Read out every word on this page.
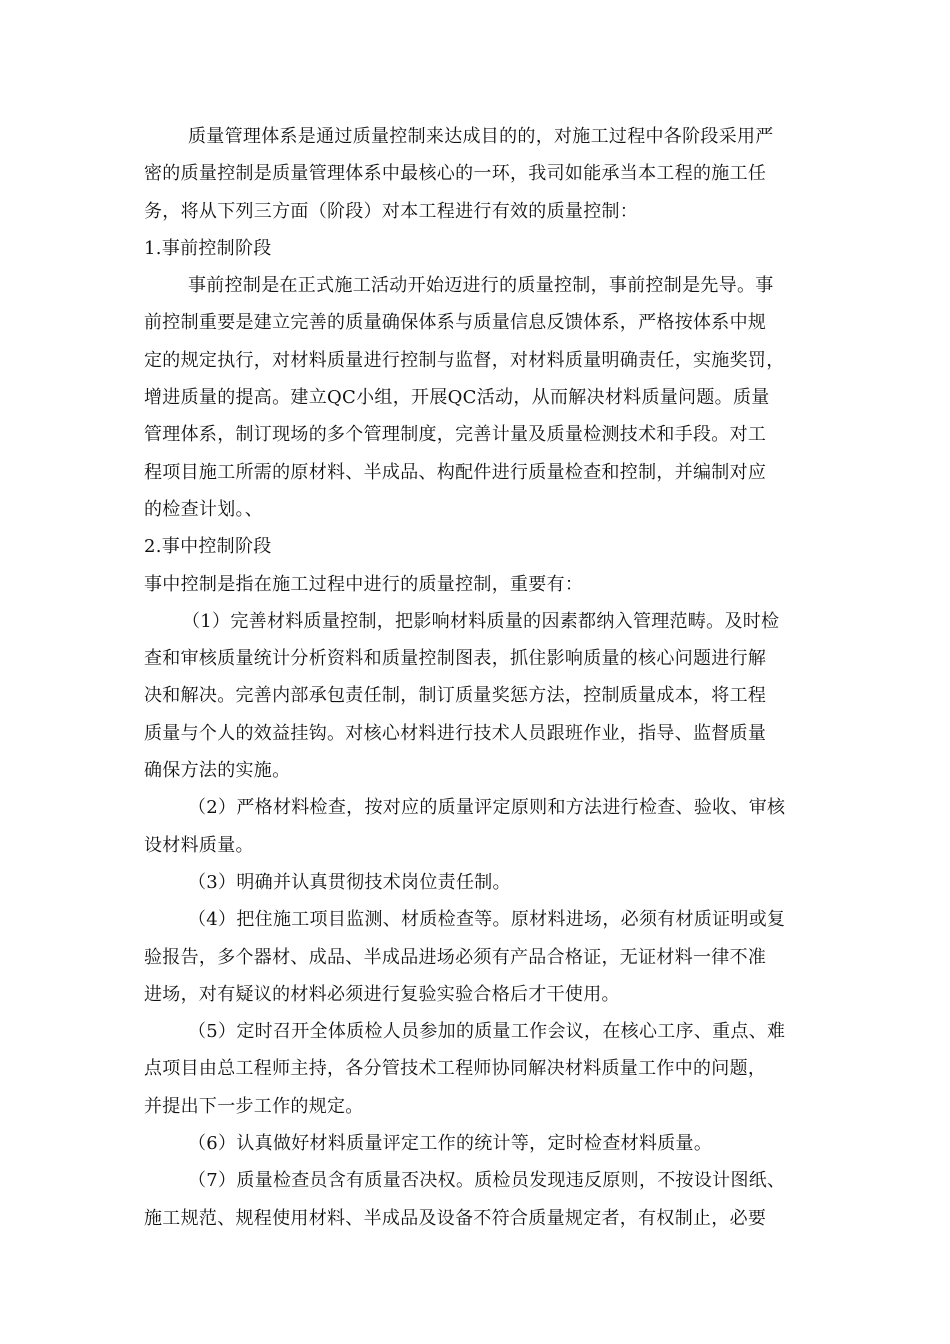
质量管理体系是通过质量控制来达成目的的，对施工过程中各阶段采用严
密的质量控制是质量管理体系中最核心的一环，我司如能承当本工程的施工任
务，将从下列三方面（阶段）对本工程进行有效的质量控制：
1.事前控制阶段
事前控制是在正式施工活动开始迈进行的质量控制，事前控制是先导。事
前控制重要是建立完善的质量确保体系与质量信息反馈体系，严格按体系中规
定的规定执行，对材料质量进行控制与监督，对材料质量明确责任，实施奖罚，
增进质量的提高。建立QC小组，开展QC活动，从而解决材料质量问题。质量
管理体系，制订现场的多个管理制度，完善计量及质量检测技术和手段。对工
程项目施工所需的原材料、半成品、构配件进行质量检查和控制，并编制对应
的检查计划。、
2.事中控制阶段
事中控制是指在施工过程中进行的质量控制，重要有：
（1）完善材料质量控制，把影响材料质量的因素都纳入管理范畴。及时检
查和审核质量统计分析资料和质量控制图表，抓住影响质量的核心问题进行解
决和解决。完善内部承包责任制，制订质量奖惩方法，控制质量成本，将工程
质量与个人的效益挂钩。对核心材料进行技术人员跟班作业，指导、监督质量
确保方法的实施。
（2）严格材料检查，按对应的质量评定原则和方法进行检查、验收、审核
设材料质量。
（3）明确并认真贯彻技术岗位责任制。
（4）把住施工项目监测、材质检查等。原材料进场，必须有材质证明或复
验报告，多个器材、成品、半成品进场必须有产品合格证，无证材料一律不准
进场，对有疑议的材料必须进行复验实验合格后才干使用。
（5）定时召开全体质检人员参加的质量工作会议，在核心工序、重点、难
点项目由总工程师主持，各分管技术工程师协同解决材料质量工作中的问题，
并提出下一步工作的规定。
（6）认真做好材料质量评定工作的统计等，定时检查材料质量。
（7）质量检查员含有质量否决权。质检员发现违反原则，不按设计图纸、
施工规范、规程使用材料、半成品及设备不符合质量规定者，有权制止，必要
